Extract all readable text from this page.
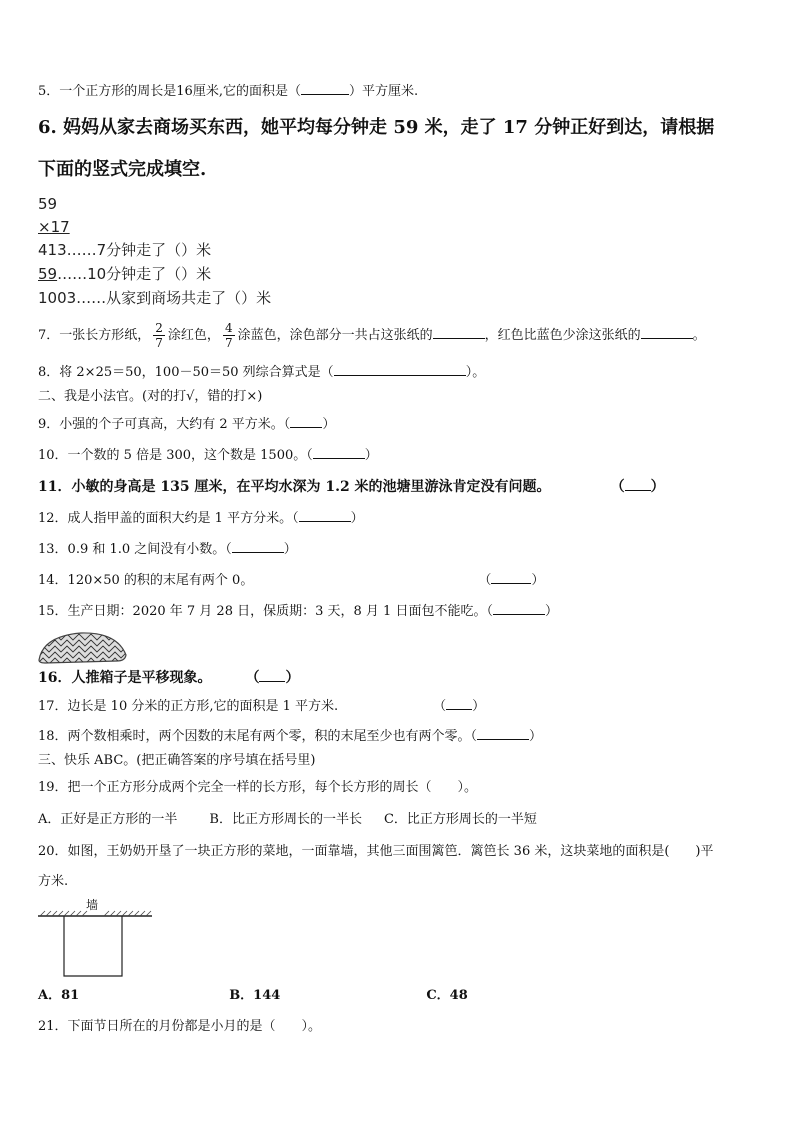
5．一个正方形的周长是16厘米,它的面积是（	）平方厘米.
6. 妈妈从家去商场买东西，她平均每分钟走 59 米，走了 17 分钟正好到达，请根据
下面的竖式完成填空.
59
×17
413……7分钟走了（）米
59……10分钟走了（）米
1003……从家到商场共走了（）米
7．一张长方形纸， $\frac{2}{7}$ 涂红色， $\frac{4}{7}$ 涂蓝色，涂色部分一共占这张纸的	，红色比蓝色少涂这张纸的	。
8．将 2×25＝50，100－50＝50 列综合算式是（	）。
二、我是小法官。(对的打√，错的打×)
9．小强的个子可真高，大约有 2 平方米。（ ）
10．一个数的 5 倍是 300，这个数是 1500。（	）
11．小敏的身高是 135 厘米，在平均水深为 1.2 米的池塘里游泳肯定没有问题。	（ ）
12．成人指甲盖的面积大约是 1 平方分米。（	）
13．0.9 和 1.0 之间没有小数。（	）
14．120×50 的积的末尾有两个 0。	（	）
15．生产日期：2020 年 7 月 28 日，保质期：3 天，8 月 1 日面包不能吃。（	）
16．人推箱子是平移现象。 （ ）
17．边长是 10 分米的正方形,它的面积是 1 平方米.	（ ）
18．两个数相乘时，两个因数的末尾有两个零，积的末尾至少也有两个零。（	）
三、快乐 ABC。(把正确答案的序号填在括号里)
19．把一个正方形分成两个完全一样的长方形，每个长方形的周长（　　）。
A．正好是正方形的一半 B．比正方形周长的一半长 C．比正方形周长的一半短
20．如图，王奶奶开垦了一块正方形的菜地，一面靠墙，其他三面围篱笆．篱笆长 36 米，这块菜地的面积是(　　)平
方米.
墙
A．81	B．144	C．48
21．下面节日所在的月份都是小月的是（　　）。
